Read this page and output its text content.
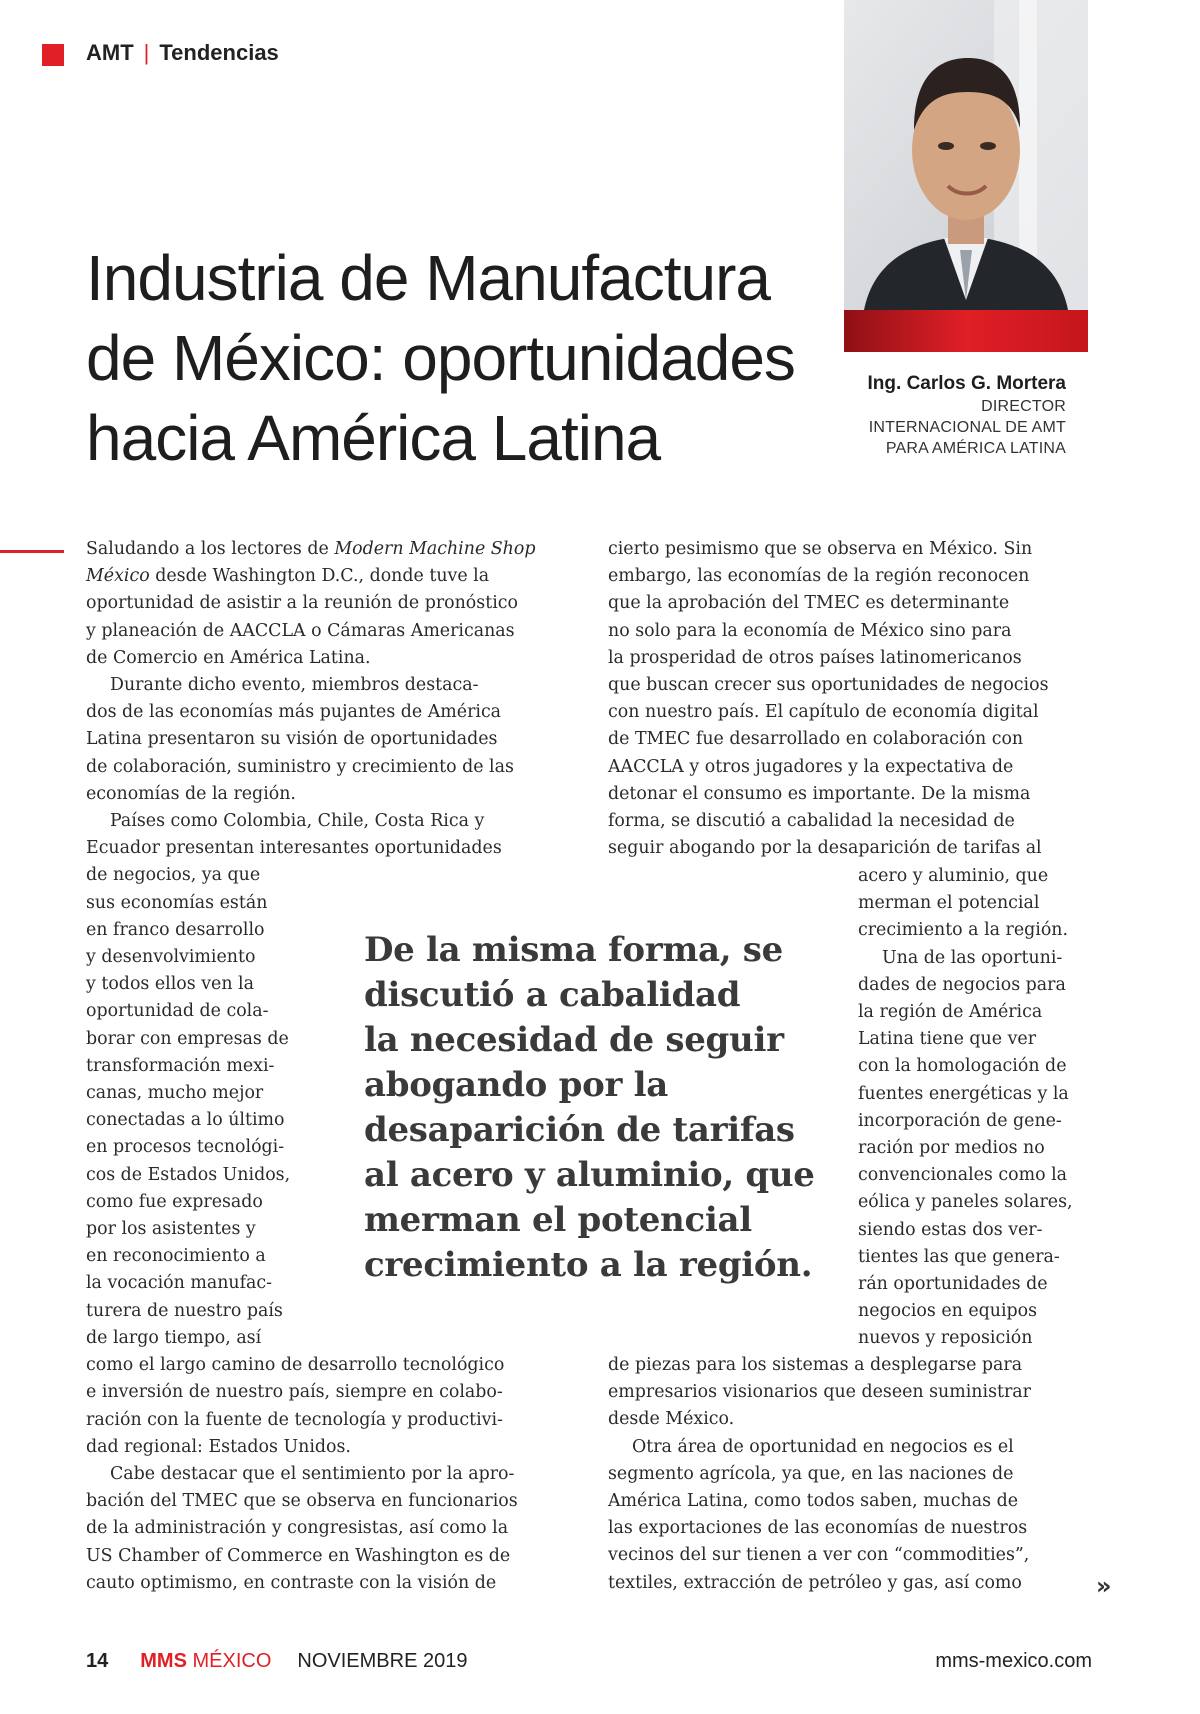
AMT | Tendencias
Industria de Manufactura
de México: oportunidades
hacia América Latina
Ing. Carlos G. Mortera
DIRECTOR
INTERNACIONAL DE AMT
PARA AMÉRICA LATINA
Saludando a los lectores de Modern Machine Shop
México desde Washington D.C., donde tuve la
oportunidad de asistir a la reunión de pronóstico
y planeación de AACCLA o Cámaras Americanas
de Comercio en América Latina.
Durante dicho evento, miembros destaca-
dos de las economías más pujantes de América
Latina presentaron su visión de oportunidades
de colaboración, suministro y crecimiento de las
economías de la región.
Países como Colombia, Chile, Costa Rica y
Ecuador presentan interesantes oportunidades
de negocios, ya que
sus economías están
en franco desarrollo
y desenvolvimiento
y todos ellos ven la
oportunidad de cola-
borar con empresas de
transformación mexi-
canas, mucho mejor
conectadas a lo último
en procesos tecnológi-
cos de Estados Unidos,
como fue expresado
por los asistentes y
en reconocimiento a
la vocación manufac-
turera de nuestro país
de largo tiempo, así
como el largo camino de desarrollo tecnológico
e inversión de nuestro país, siempre en colabo-
ración con la fuente de tecnología y productivi-
dad regional: Estados Unidos.
Cabe destacar que el sentimiento por la apro-
bación del TMEC que se observa en funcionarios
de la administración y congresistas, así como la
US Chamber of Commerce en Washington es de
cauto optimismo, en contraste con la visión de
cierto pesimismo que se observa en México. Sin
embargo, las economías de la región reconocen
que la aprobación del TMEC es determinante
no solo para la economía de México sino para
la prosperidad de otros países latinomericanos
que buscan crecer sus oportunidades de negocios
con nuestro país. El capítulo de economía digital
de TMEC fue desarrollado en colaboración con
AACCLA y otros jugadores y la expectativa de
detonar el consumo es importante. De la misma
forma, se discutió a cabalidad la necesidad de
seguir abogando por la desaparición de tarifas al
acero y aluminio, que
merman el potencial
crecimiento a la región.
Una de las oportuni-
dades de negocios para
la región de América
Latina tiene que ver
con la homologación de
fuentes energéticas y la
incorporación de gene-
ración por medios no
convencionales como la
eólica y paneles solares,
siendo estas dos ver-
tientes las que genera-
rán oportunidades de
negocios en equipos
nuevos y reposición
de piezas para los sistemas a desplegarse para
empresarios visionarios que deseen suministrar
desde México.
Otra área de oportunidad en negocios es el
segmento agrícola, ya que, en las naciones de
América Latina, como todos saben, muchas de
las exportaciones de las economías de nuestros
vecinos del sur tienen a ver con “commodities”,
textiles, extracción de petróleo y gas, así como
De la misma forma, se
discutió a cabalidad
la necesidad de seguir
abogando por la
desaparición de tarifas
al acero y aluminio, que
merman el potencial
crecimiento a la región.
»
14 MMS MÉXICO NOVIEMBRE 2019	mms-mexico.com
